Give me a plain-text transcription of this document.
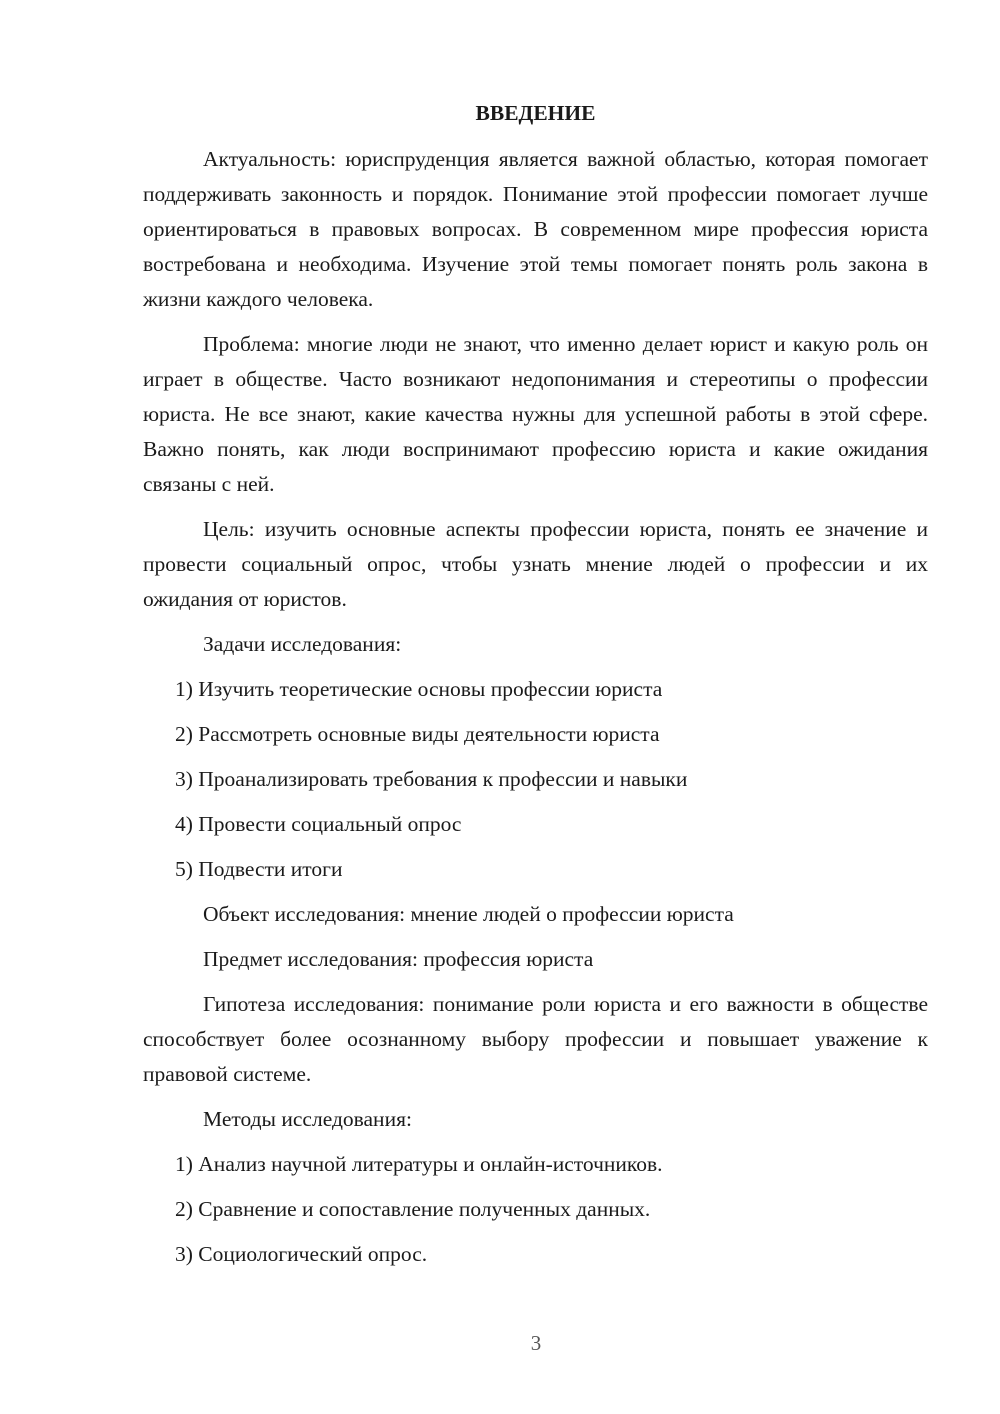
ВВЕДЕНИЕ

Актуальность: юриспруденция является важной областью, которая помогает поддерживать законность и порядок. Понимание этой профессии помогает лучше ориентироваться в правовых вопросах. В современном мире профессия юриста востребована и необходима. Изучение этой темы помогает понять роль закона в жизни каждого человека.

Проблема: многие люди не знают, что именно делает юрист и какую роль он играет в обществе. Часто возникают недопонимания и стереотипы о профессии юриста. Не все знают, какие качества нужны для успешной работы в этой сфере. Важно понять, как люди воспринимают профессию юриста и какие ожидания связаны с ней.

Цель: изучить основные аспекты профессии юриста, понять ее значение и провести социальный опрос, чтобы узнать мнение людей о профессии и их ожидания от юристов.

Задачи исследования:

1) Изучить теоретические основы профессии юриста
2) Рассмотреть основные виды деятельности юриста
3) Проанализировать требования к профессии и навыки
4) Провести социальный опрос
5) Подвести итоги

Объект исследования: мнение людей о профессии юриста

Предмет исследования: профессия юриста

Гипотеза исследования: понимание роли юриста и его важности в обществе способствует более осознанному выбору профессии и повышает уважение к правовой системе.

Методы исследования:

1) Анализ научной литературы и онлайн-источников.
2) Сравнение и сопоставление полученных данных.
3) Социологический опрос.
3
